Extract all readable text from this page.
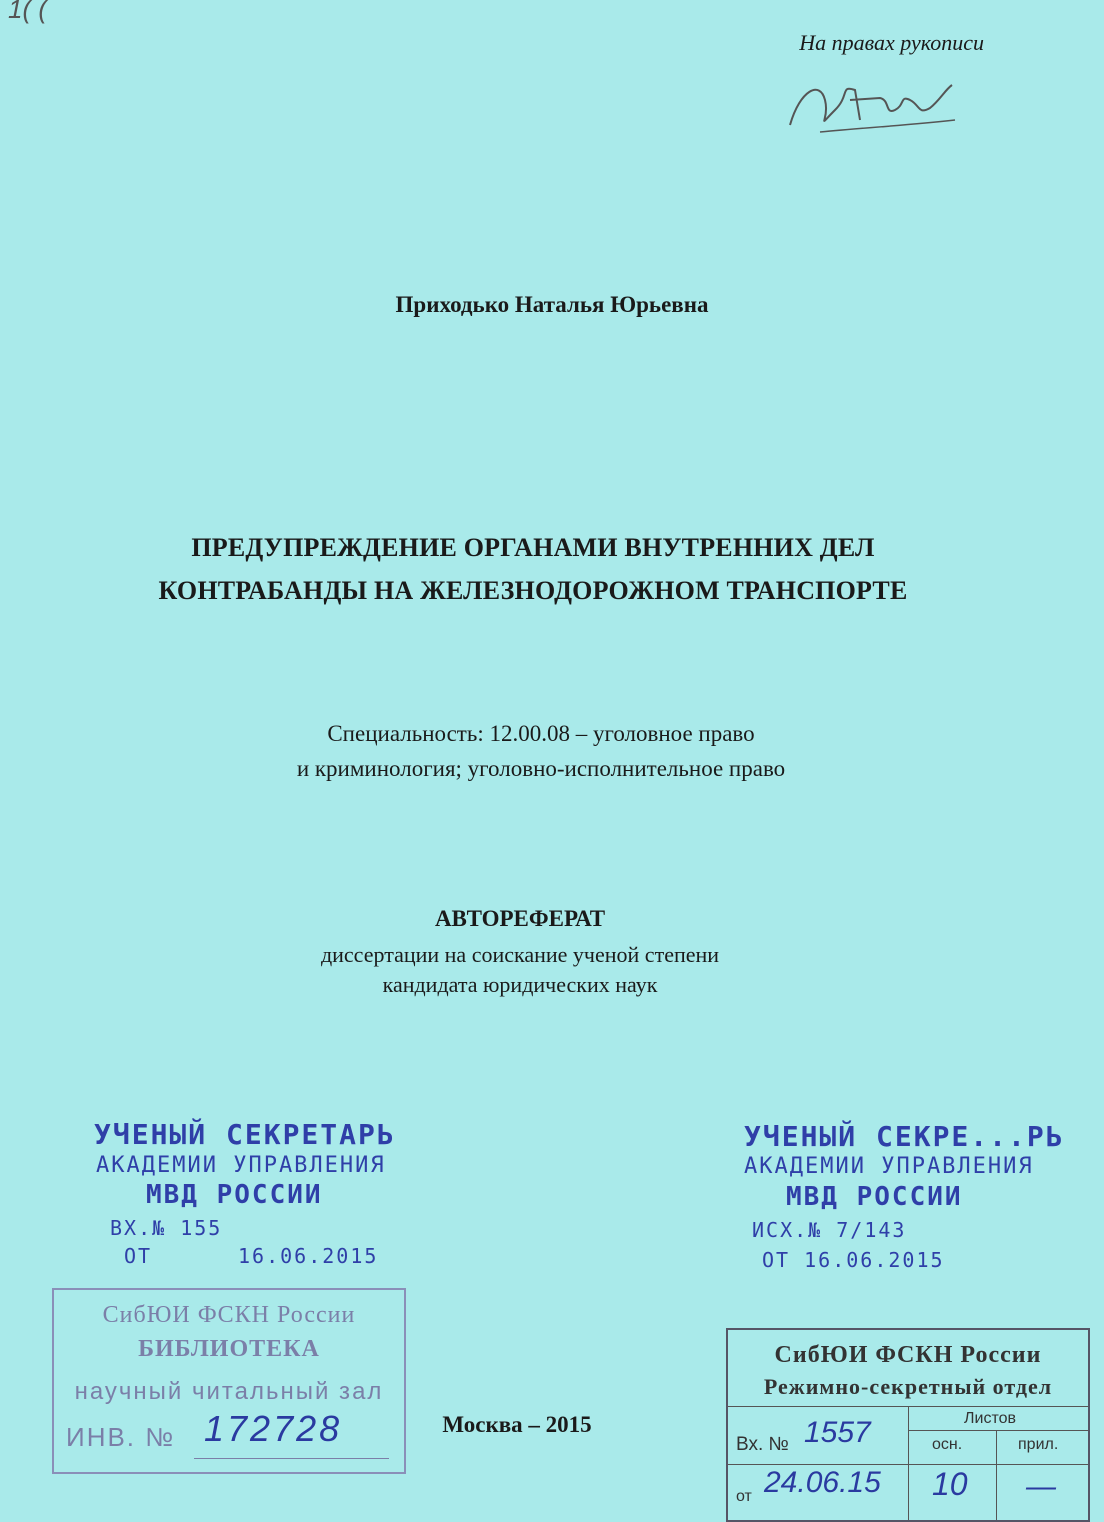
1( (
На правах рукописи
Приходько Наталья Юрьевна
ПРЕДУПРЕЖДЕНИЕ ОРГАНАМИ ВНУТРЕННИХ ДЕЛ
КОНТРАБАНДЫ НА ЖЕЛЕЗНОДОРОЖНОМ ТРАНСПОРТЕ
Специальность: 12.00.08 – уголовное право
и криминология; уголовно-исполнительное право
АВТОРЕФЕРАТ
диссертации на соискание ученой степени
кандидата юридических наук
УЧЕНЫЙ СЕКРЕТАРЬ
АКАДЕМИИ УПРАВЛЕНИЯ
МВД РОССИИ
ВХ.№ 155
ОТ	16.06.2015
УЧЕНЫЙ СЕКРЕ...РЬ
АКАДЕМИИ УПРАВЛЕНИЯ
МВД РОССИИ
ИСХ.№ 7/143
ОТ 16.06.2015
СибЮИ ФСКН России
БИБЛИОТЕКА
научный читальный зал
ИНВ. № 172728	Москва – 2015
СибЮИ ФСКН России
Режимно-секретный отдел
Листов
осн.	прил.
Вх. № 1557
от 24.06.15 10 —
